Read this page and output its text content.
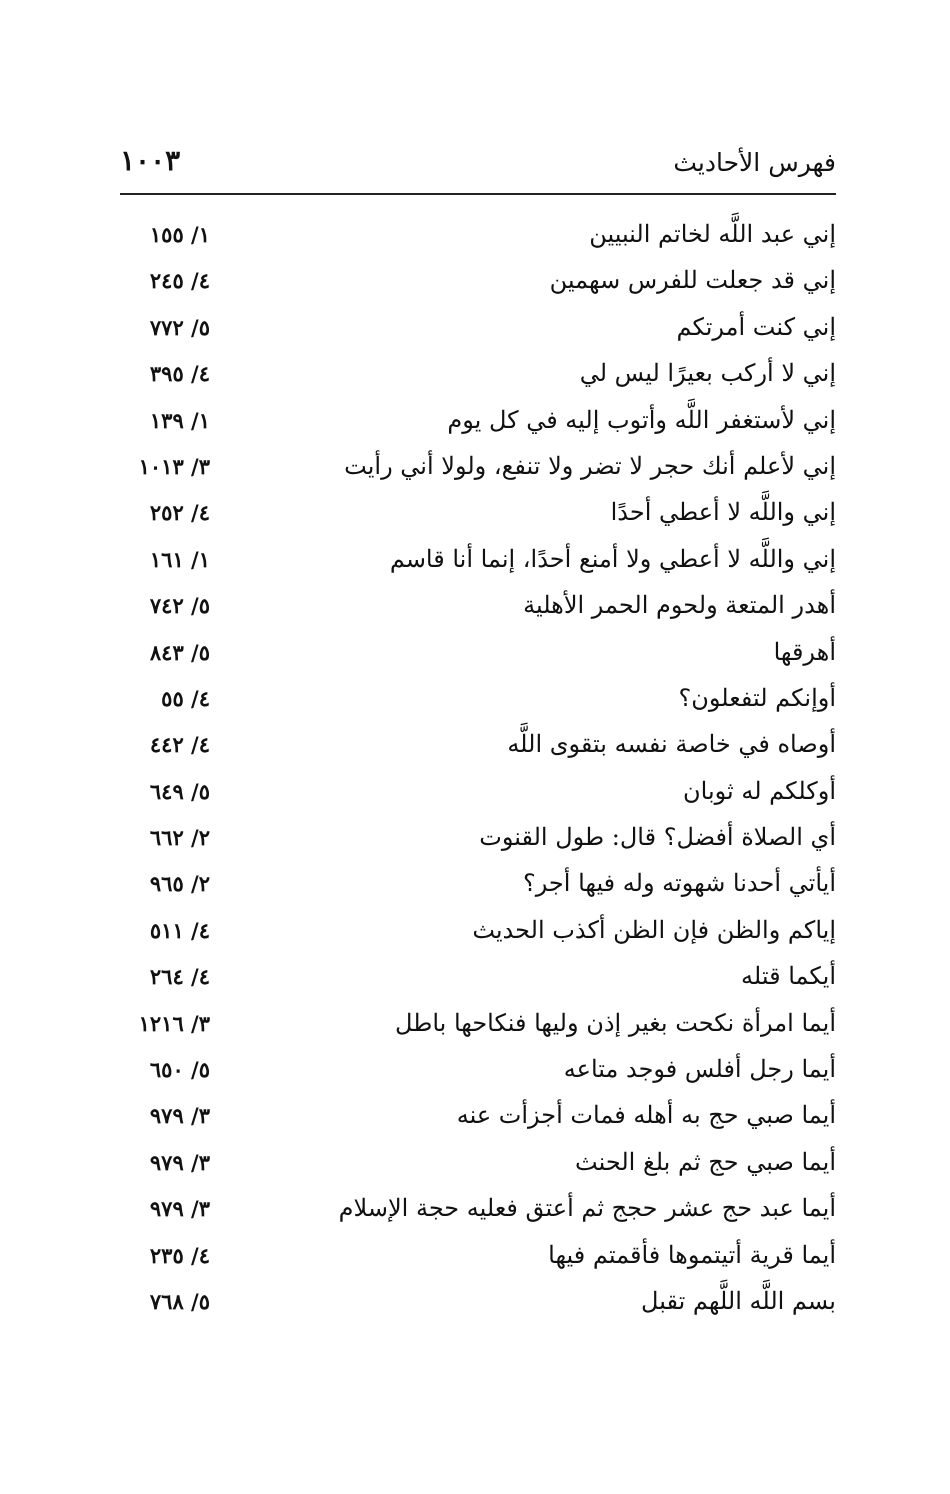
فهرس الأحاديث
١٠٠٣
إني عبد اللَّه لخاتم النبيين
١/ ١٥٥
إني قد جعلت للفرس سهمين
٤/ ٢٤٥
إني كنت أمرتكم
٥/ ٧٧٢
إني لا أركب بعيرًا ليس لي
٤/ ٣٩٥
إني لأستغفر اللَّه وأتوب إليه في كل يوم
١/ ١٣٩
إني لأعلم أنك حجر لا تضر ولا تنفع، ولولا أني رأيت
٣/ ١٠١٣
إني واللَّه لا أعطي أحدًا
٤/ ٢٥٢
إني واللَّه لا أعطي ولا أمنع أحدًا، إنما أنا قاسم
١/ ١٦١
أهدر المتعة ولحوم الحمر الأهلية
٥/ ٧٤٢
أهرقها
٥/ ٨٤٣
أوإنكم لتفعلون؟
٤/ ٥٥
أوصاه في خاصة نفسه بتقوى اللَّه
٤/ ٤٤٢
أوكلكم له ثوبان
٥/ ٦٤٩
أي الصلاة أفضل؟ قال: طول القنوت
٢/ ٦٦٢
أيأتي أحدنا شهوته وله فيها أجر؟
٢/ ٩٦٥
إياكم والظن فإن الظن أكذب الحديث
٤/ ٥١١
أيكما قتله
٤/ ٢٦٤
أيما امرأة نكحت بغير إذن وليها فنكاحها باطل
٣/ ١٢١٦
أيما رجل أفلس فوجد متاعه
٥/ ٦٥٠
أيما صبي حج به أهله فمات أجزأت عنه
٣/ ٩٧٩
أيما صبي حج ثم بلغ الحنث
٣/ ٩٧٩
أيما عبد حج عشر حجج ثم أعتق فعليه حجة الإسلام
٣/ ٩٧٩
أيما قرية أتيتموها فأقمتم فيها
٤/ ٢٣٥
بسم اللَّه اللَّهم تقبل
٥/ ٧٦٨
